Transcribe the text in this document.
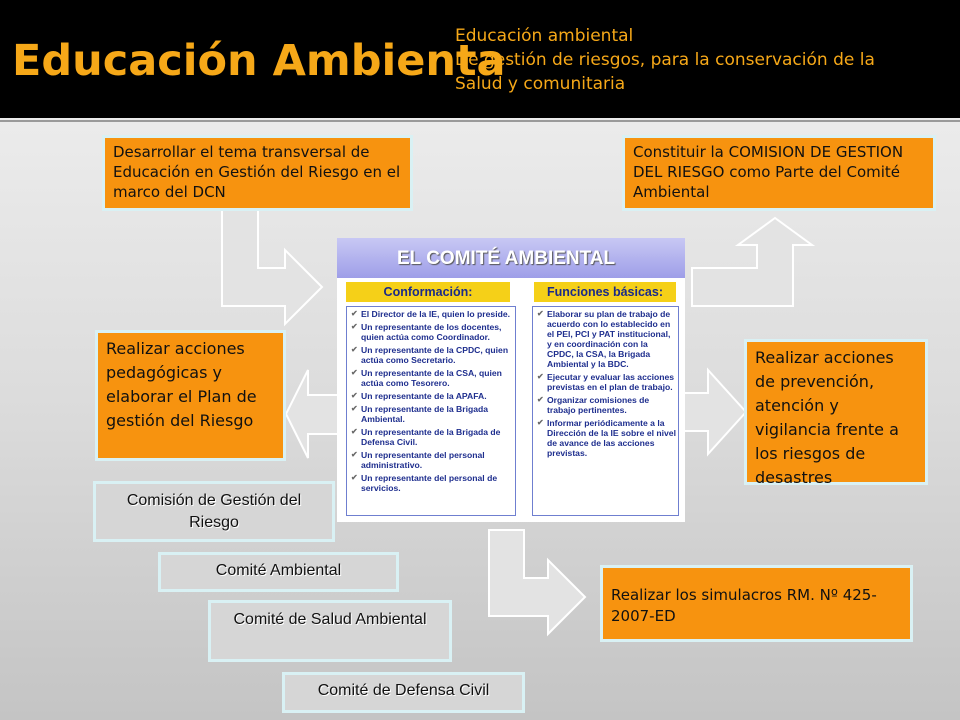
Educación Ambienta
Educación ambiental
De gestión de riesgos, para la conservación de la
Salud y comunitaria
Desarrollar el tema transversal de Educación en Gestión del Riesgo en el marco del DCN
Constituir la COMISION DE GESTION DEL RIESGO como Parte del Comité Ambiental
Realizar acciones pedagógicas y elaborar el Plan de gestión del Riesgo
Realizar acciones de prevención, atención y vigilancia frente a los riesgos de desastres
Realizar los simulacros RM. Nº 425-2007-ED
Comisión de Gestión del Riesgo
Comité Ambiental
Comité de Salud Ambiental
Comité de Defensa Civil
EL COMITÉ AMBIENTAL
Conformación:	Funciones básicas:
✔ El Director de la IE, quien lo preside.
✔ Un representante de los docentes, quien actúa como Coordinador.
✔ Un representante de la CPDC, quien actúa como Secretario.
✔ Un representante de la CSA, quien actúa como Tesorero.
✔ Un representante de la APAFA.
✔ Un representante de la Brigada Ambiental.
✔ Un representante de la Brigada de Defensa Civil.
✔ Un representante del personal administrativo.
✔ Un representante del personal de servicios.
✔ Elaborar su plan de trabajo de acuerdo con lo establecido en el PEI, PCI y PAT institucional, y en coordinación con la CPDC, la CSA, la Brigada Ambiental y la BDC.
✔ Ejecutar y evaluar las acciones previstas en el plan de trabajo.
✔ Organizar comisiones de trabajo pertinentes.
✔ Informar periódicamente a la Dirección de la IE sobre el nivel de avance de las acciones previstas.
